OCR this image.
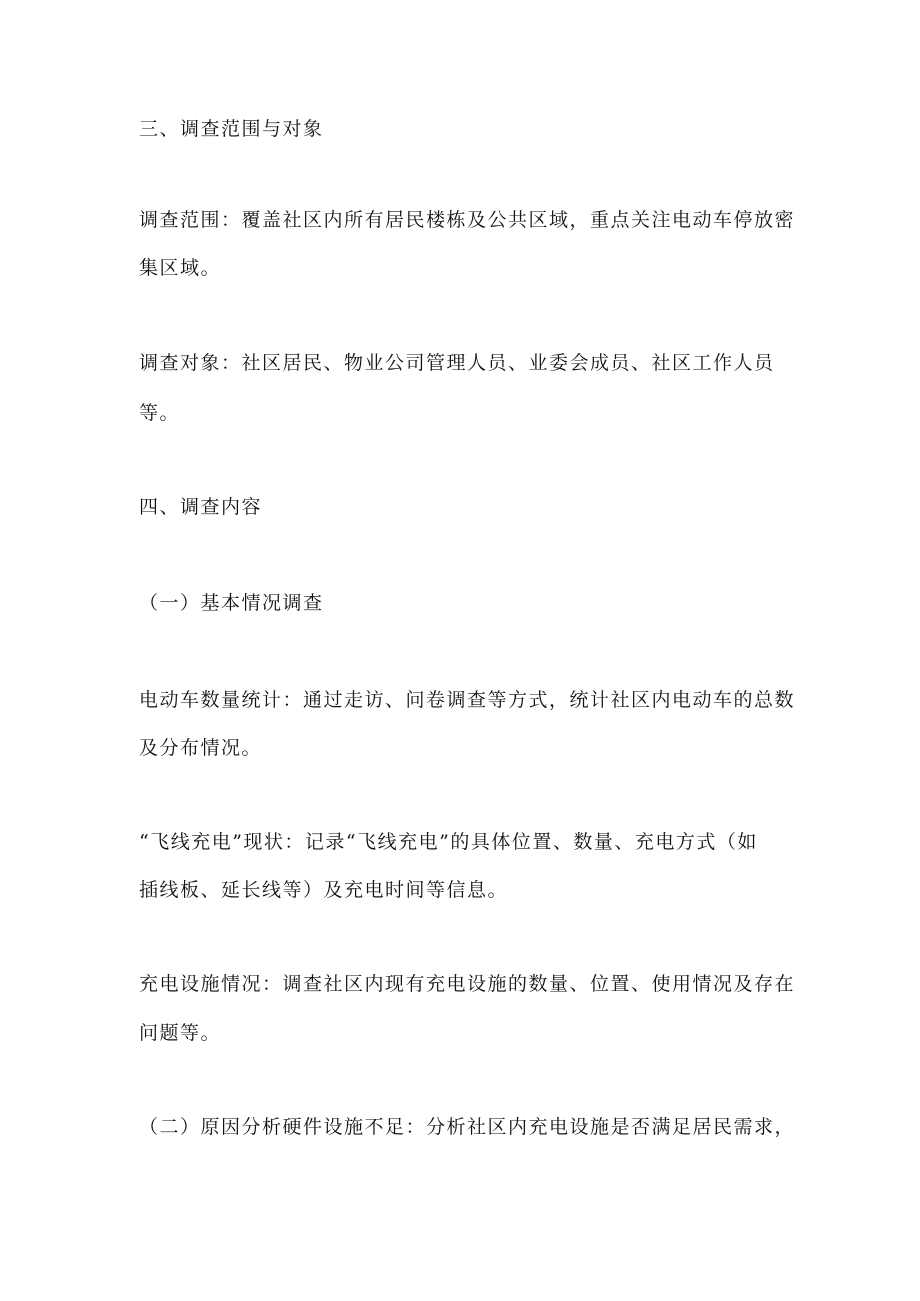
三、调查范围与对象

调查范围：覆盖社区内所有居民楼栋及公共区域，重点关注电动车停放密

集区域。

调查对象：社区居民、物业公司管理人员、业委会成员、社区工作人员

等。

四、调查内容

（一）基本情况调查

电动车数量统计：通过走访、问卷调查等方式，统计社区内电动车的总数

及分布情况。

“飞线充电”现状：记录“飞线充电”的具体位置、数量、充电方式（如

插线板、延长线等）及充电时间等信息。

充电设施情况：调查社区内现有充电设施的数量、位置、使用情况及存在

问题等。

（二）原因分析硬件设施不足：分析社区内充电设施是否满足居民需求，
